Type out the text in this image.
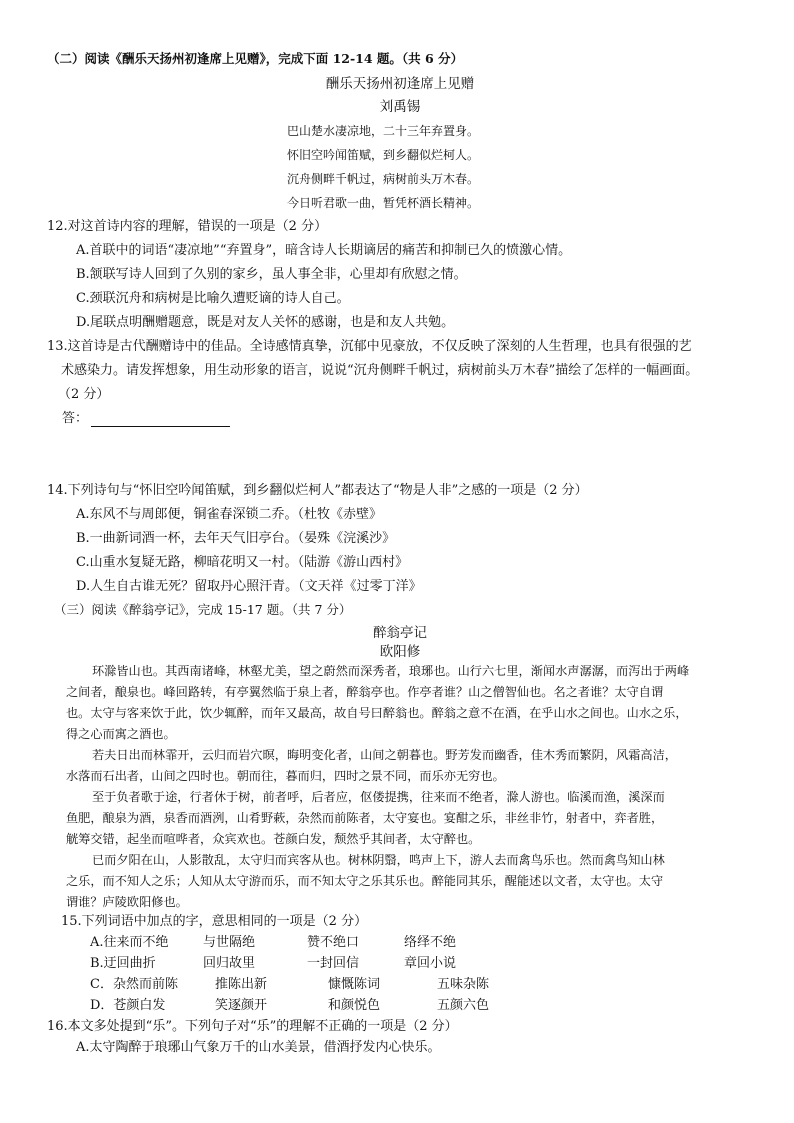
（二）阅读《酬乐天扬州初逢席上见赠》，完成下面 12-14 题。（共 6 分）
酬乐天扬州初逢席上见赠
刘禹锡
巴山楚水凄凉地，二十三年弃置身。
怀旧空吟闻笛赋，到乡翻似烂柯人。
沉舟侧畔千帆过，病树前头万木春。
今日听君歌一曲，暂凭杯酒长精神。
12.对这首诗内容的理解，错误的一项是（2 分）
A.首联中的词语“凄凉地”“弃置身”，暗含诗人长期谪居的痛苦和抑制已久的愤激心情。
B.颔联写诗人回到了久别的家乡，虽人事全非，心里却有欣慰之情。
C.颈联沉舟和病树是比喻久遭贬谪的诗人自己。
D.尾联点明酬赠题意，既是对友人关怀的感谢，也是和友人共勉。
13.这首诗是古代酬赠诗中的佳品。全诗感情真挚，沉郁中见豪放，不仅反映了深刻的人生哲理，也具有很强的艺
术感染力。请发挥想象，用生动形象的语言，说说“沉舟侧畔千帆过，病树前头万木春”描绘了怎样的一幅画面。
（2 分）
答：
14.下列诗句与“怀旧空吟闻笛赋，到乡翻似烂柯人”都表达了“物是人非”之感的一项是（2 分）
A.东风不与周郎便，铜雀春深锁二乔。（杜牧《赤壁》
B.一曲新词酒一杯，去年天气旧亭台。（晏殊《浣溪沙》
C.山重水复疑无路，柳暗花明又一村。（陆游《游山西村》
D.人生自古谁无死？留取丹心照汗青。（文天祥《过零丁洋》
（三）阅读《醉翁亭记》，完成 15-17 题。（共 7 分）
醉翁亭记
欧阳修
环滁皆山也。其西南诸峰，林壑尤美，望之蔚然而深秀者，琅琊也。山行六七里，渐闻水声潺潺，而泻出于两峰
之间者，酿泉也。峰回路转，有亭翼然临于泉上者，醉翁亭也。作亭者谁？山之僧智仙也。名之者谁？太守自谓
也。太守与客来饮于此，饮少辄醉，而年又最高，故自号曰醉翁也。醉翁之意不在酒，在乎山水之间也。山水之乐，
得之心而寓之酒也。
若夫日出而林霏开，云归而岩穴暝，晦明变化者，山间之朝暮也。野芳发而幽香，佳木秀而繁阴，风霜高洁，
水落而石出者，山间之四时也。朝而往，暮而归，四时之景不同，而乐亦无穷也。
至于负者歌于途，行者休于树，前者呼，后者应，伛偻提携，往来而不绝者，滁人游也。临溪而渔，溪深而
鱼肥，酿泉为酒，泉香而酒洌，山肴野蔌，杂然而前陈者，太守宴也。宴酣之乐，非丝非竹，射者中，弈者胜，
觥筹交错，起坐而喧哗者，众宾欢也。苍颜白发，颓然乎其间者，太守醉也。
已而夕阳在山，人影散乱，太守归而宾客从也。树林阴翳，鸣声上下，游人去而禽鸟乐也。然而禽鸟知山林
之乐，而不知人之乐；人知从太守游而乐，而不知太守之乐其乐也。醉能同其乐，醒能述以文者，太守也。太守
谓谁？庐陵欧阳修也。
15.下列词语中加点的字，意思相同的一项是（2 分）
A.往来而不绝	与世隔绝	赞不绝口	络绎不绝
B.迂回曲折	回归故里	一封回信	章回小说
C．杂然而前陈	推陈出新	慷慨陈词	五味杂陈
D．苍颜白发	笑逐颜开	和颜悦色	五颜六色
16.本文多处提到“乐”。下列句子对“乐”的理解不正确的一项是（2 分）
A.太守陶醉于琅琊山气象万千的山水美景，借酒抒发内心快乐。
